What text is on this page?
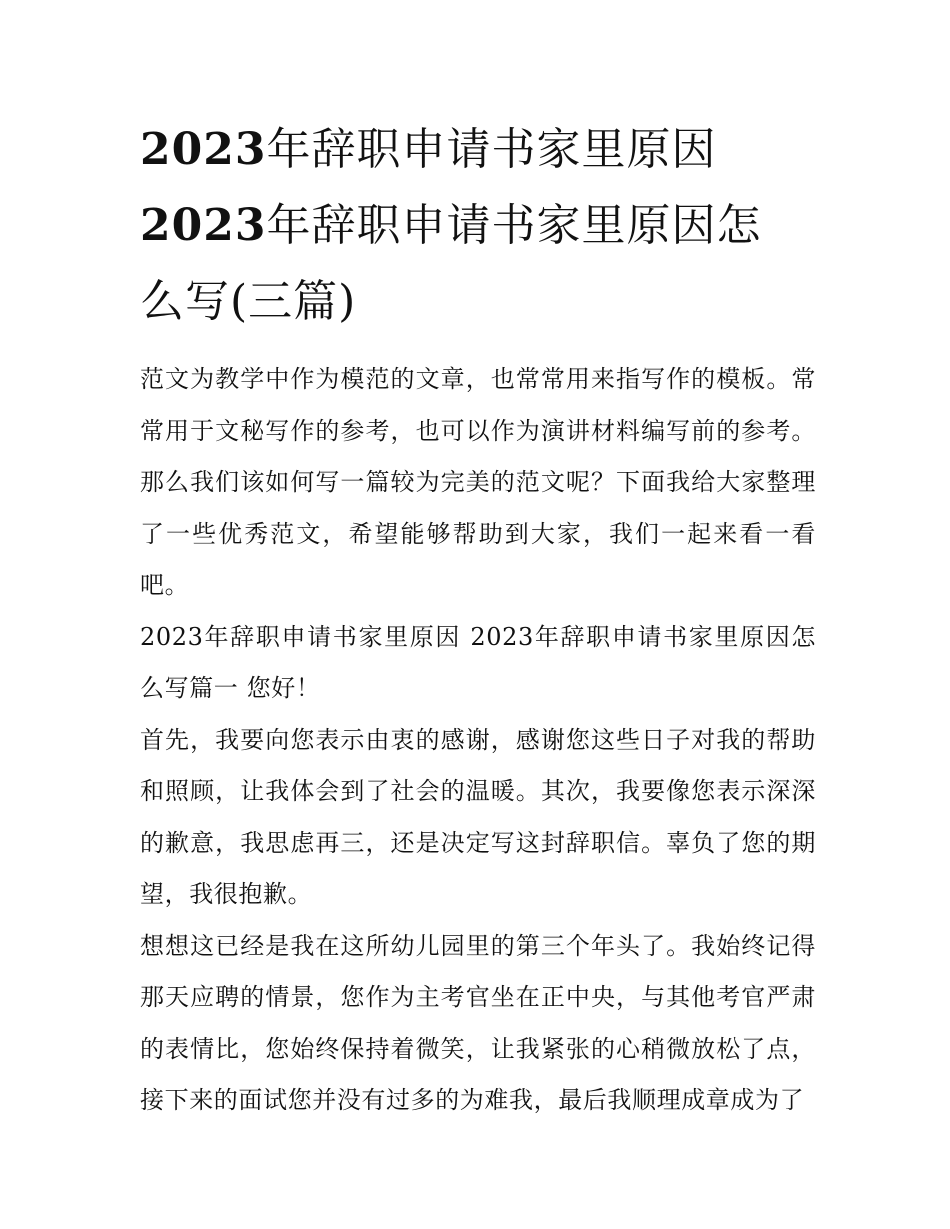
2023年辞职申请书家里原因
2023年辞职申请书家里原因怎
么写(三篇)

范文为教学中作为模范的文章，也常常用来指写作的模板。常常用于文秘写作的参考，也可以作为演讲材料编写前的参考。那么我们该如何写一篇较为完美的范文呢？下面我给大家整理了一些优秀范文，希望能够帮助到大家，我们一起来看一看吧。

2023年辞职申请书家里原因 2023年辞职申请书家里原因怎么写篇一 您好！

首先，我要向您表示由衷的感谢，感谢您这些日子对我的帮助和照顾，让我体会到了社会的温暖。其次，我要像您表示深深的歉意，我思虑再三，还是决定写这封辞职信。辜负了您的期望，我很抱歉。

想想这已经是我在这所幼儿园里的第三个年头了。我始终记得那天应聘的情景，您作为主考官坐在正中央，与其他考官严肃的表情比，您始终保持着微笑，让我紧张的心稍微放松了点，接下来的面试您并没有过多的为难我，最后我顺理成章成为了
